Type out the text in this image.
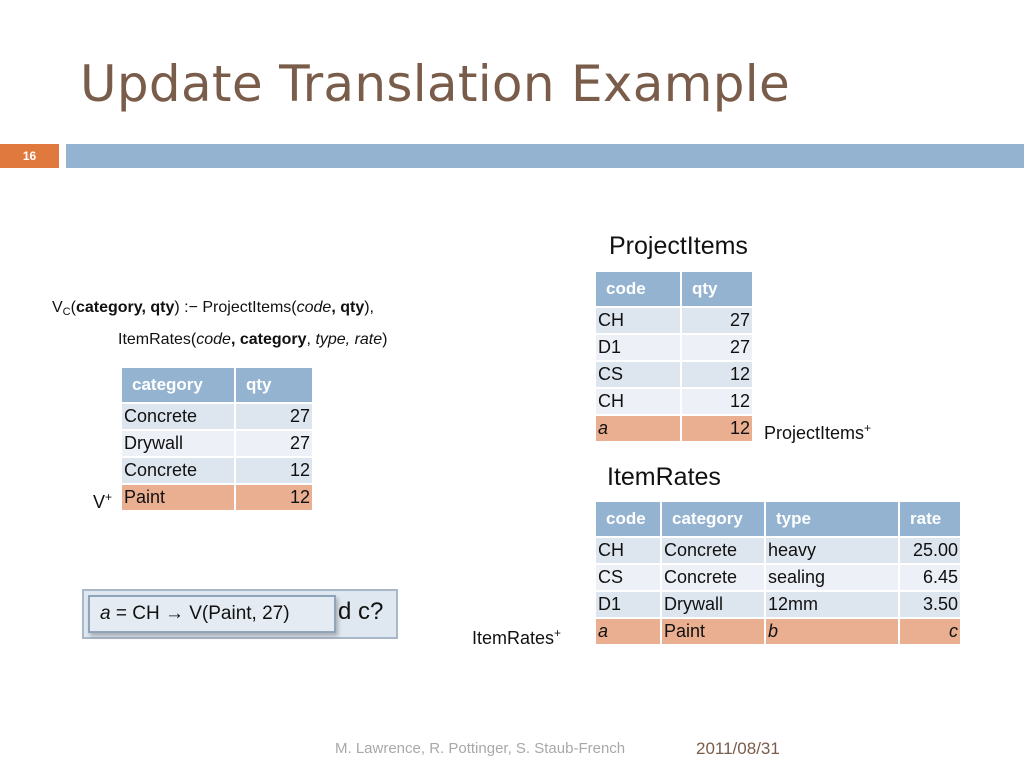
Update Translation Example
16
$V_C(category$, qty) :− ProjectItems(code, qty),
ItemRates(code, category, type, rate)
category	qty
Concrete	27
Drywall	27
Concrete	12
Paint	12
V+
ProjectItems
code	qty
CH	27
D1	27
CS	12
CH	12
a	12 ProjectItems+
ItemRates
code	category	type	rate
CH	Concrete	heavy	25.00
CS	Concrete	sealing	6.45
D1	Drywall	12mm	3.50
a	Paint	b	c
ItemRates+
d c?
a = CH → V(Paint, 27)
M. Lawrence, R. Pottinger, S. Staub-French	2011/08/31
